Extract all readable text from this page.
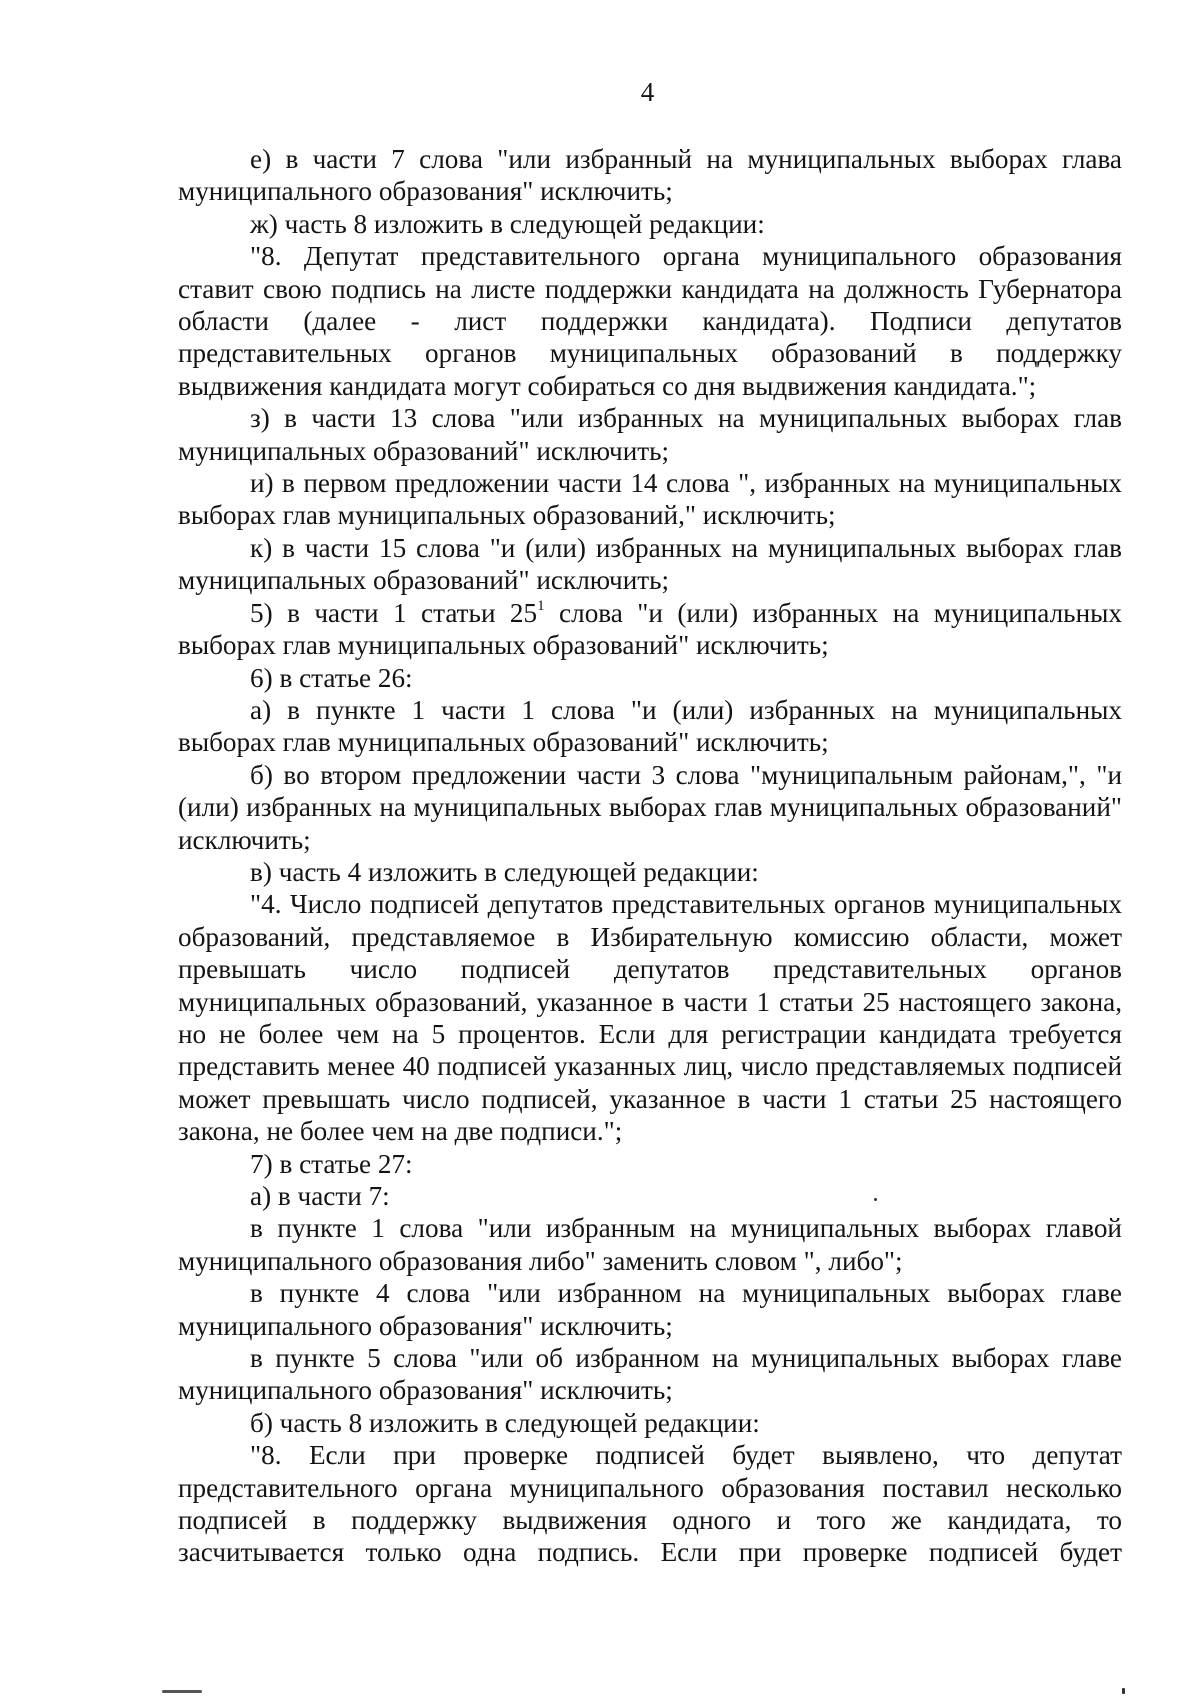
4

е) в части 7 слова "или избранный на муниципальных выборах глава муниципального образования" исключить;

ж) часть 8 изложить в следующей редакции:

"8. Депутат представительного органа муниципального образования ставит свою подпись на листе поддержки кандидата на должность Губернатора области (далее - лист поддержки кандидата). Подписи депутатов представительных органов муниципальных образований в поддержку выдвижения кандидата могут собираться со дня выдвижения кандидата.";

з) в части 13 слова "или избранных на муниципальных выборах глав муниципальных образований" исключить;

и) в первом предложении части 14 слова ", избранных на муниципальных выборах глав муниципальных образований," исключить;

к) в части 15 слова "и (или) избранных на муниципальных выборах глав муниципальных образований" исключить;

5) в части 1 статьи $25^1$ слова "и (или) избранных на муниципальных выборах глав муниципальных образований" исключить;

6) в статье 26:

а) в пункте 1 части 1 слова "и (или) избранных на муниципальных выборах глав муниципальных образований" исключить;

б) во втором предложении части 3 слова "муниципальным районам,", "и (или) избранных на муниципальных выборах глав муниципальных образований" исключить;

в) часть 4 изложить в следующей редакции:

"4. Число подписей депутатов представительных органов муниципальных образований, представляемое в Избирательную комиссию области, может превышать число подписей депутатов представительных органов муниципальных образований, указанное в части 1 статьи 25 настоящего закона, но не более чем на 5 процентов. Если для регистрации кандидата требуется представить менее 40 подписей указанных лиц, число представляемых подписей может превышать число подписей, указанное в части 1 статьи 25 настоящего закона, не более чем на две подписи.";

7) в статье 27:

а) в части 7:

в пункте 1 слова "или избранным на муниципальных выборах главой муниципального образования либо" заменить словом ", либо";

в пункте 4 слова "или избранном на муниципальных выборах главе муниципального образования" исключить;

в пункте 5 слова "или об избранном на муниципальных выборах главе муниципального образования" исключить;

б) часть 8 изложить в следующей редакции:

"8. Если при проверке подписей будет выявлено, что депутат представительного органа муниципального образования поставил несколько подписей в поддержку выдвижения одного и того же кандидата, то засчитывается только одна подпись. Если при проверке подписей будет
